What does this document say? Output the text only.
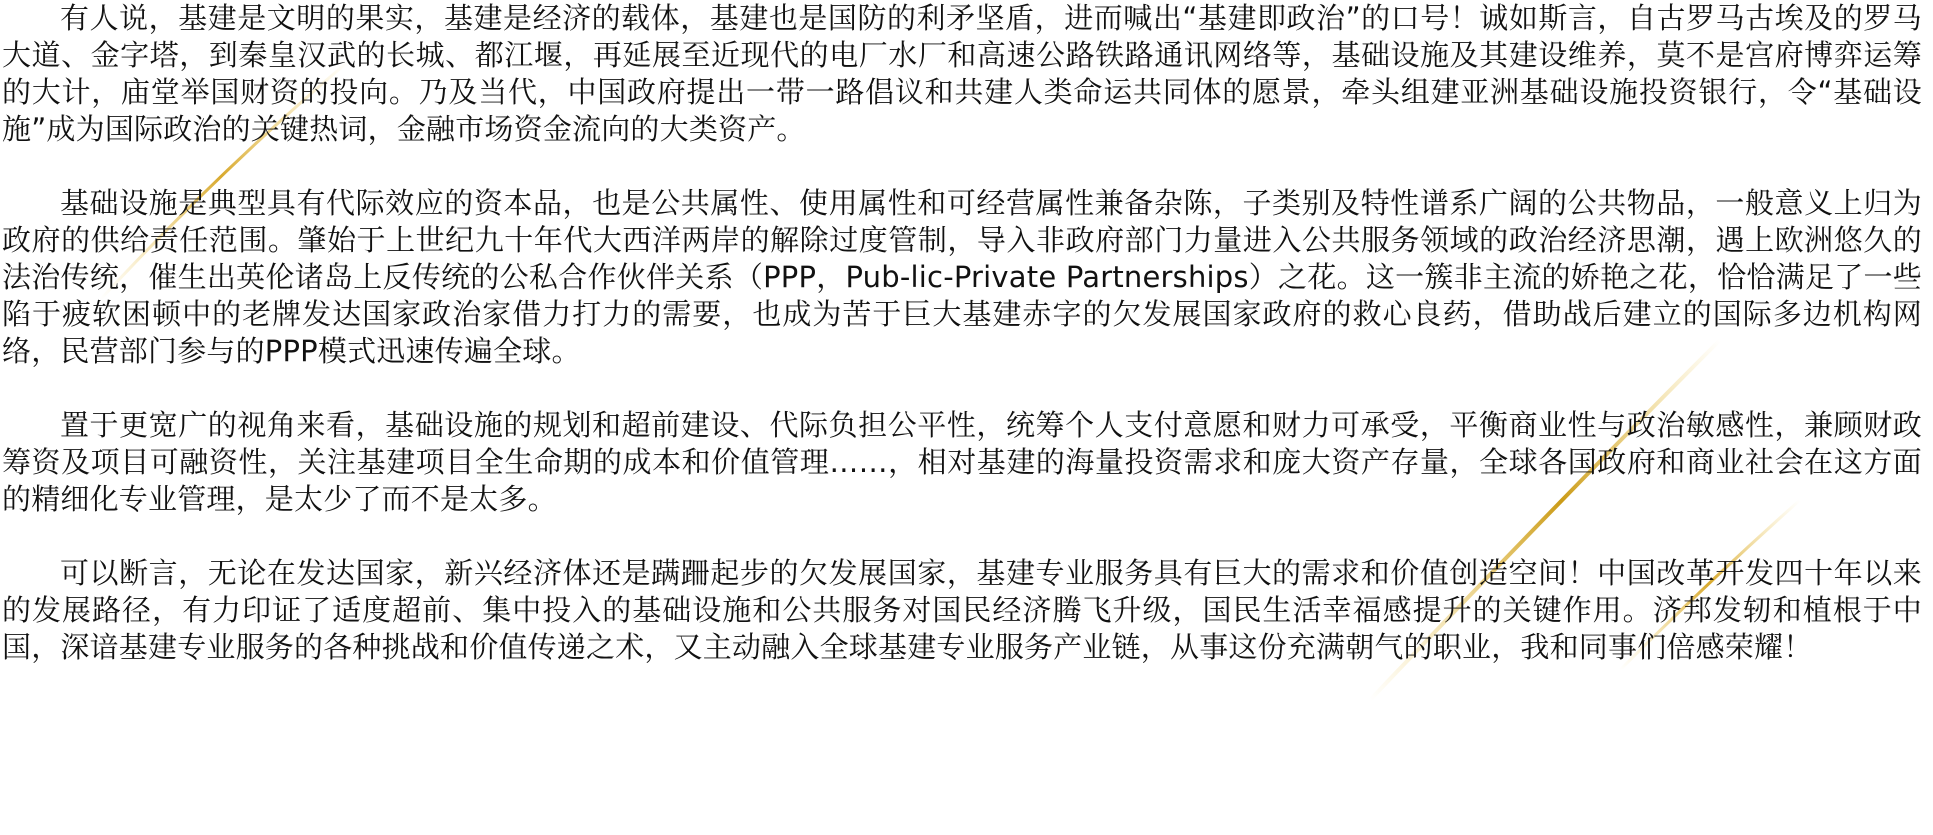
有人说，基建是文明的果实，基建是经济的载体，基建也是国防的利矛坚盾，进而喊出“基建即政治”的口号！诚如斯言，自古罗马古埃及的罗马大道、金字塔，到秦皇汉武的长城、都江堰，再延展至近现代的电厂水厂和高速公路铁路通讯网络等，基础设施及其建设维养，莫不是宫府博弈运筹的大计，庙堂举国财资的投向。乃及当代，中国政府提出一带一路倡议和共建人类命运共同体的愿景，牵头组建亚洲基础设施投资银行，令“基础设施”成为国际政治的关键热词，金融市场资金流向的大类资产。

基础设施是典型具有代际效应的资本品，也是公共属性、使用属性和可经营属性兼备杂陈，子类别及特性谱系广阔的公共物品，一般意义上归为政府的供给责任范围。肇始于上世纪九十年代大西洋两岸的解除过度管制，导入非政府部门力量进入公共服务领域的政治经济思潮，遇上欧洲悠久的法治传统，催生出英伦诸岛上反传统的公私合作伙伴关系（PPP，Pub-lic-Private Partnerships）之花。这一簇非主流的娇艳之花，恰恰满足了一些陷于疲软困顿中的老牌发达国家政治家借力打力的需要，也成为苦于巨大基建赤字的欠发展国家政府的救心良药，借助战后建立的国际多边机构网络，民营部门参与的PPP模式迅速传遍全球。

置于更宽广的视角来看，基础设施的规划和超前建设、代际负担公平性，统筹个人支付意愿和财力可承受，平衡商业性与政治敏感性，兼顾财政筹资及项目可融资性，关注基建项目全生命期的成本和价值管理……，相对基建的海量投资需求和庞大资产存量，全球各国政府和商业社会在这方面的精细化专业管理，是太少了而不是太多。

可以断言，无论在发达国家，新兴经济体还是蹒跚起步的欠发展国家，基建专业服务具有巨大的需求和价值创造空间！中国改革开发四十年以来的发展路径，有力印证了适度超前、集中投入的基础设施和公共服务对国民经济腾飞升级，国民生活幸福感提升的关键作用。济邦发轫和植根于中国，深谙基建专业服务的各种挑战和价值传递之术，又主动融入全球基建专业服务产业链，从事这份充满朝气的职业，我和同事们倍感荣耀！
